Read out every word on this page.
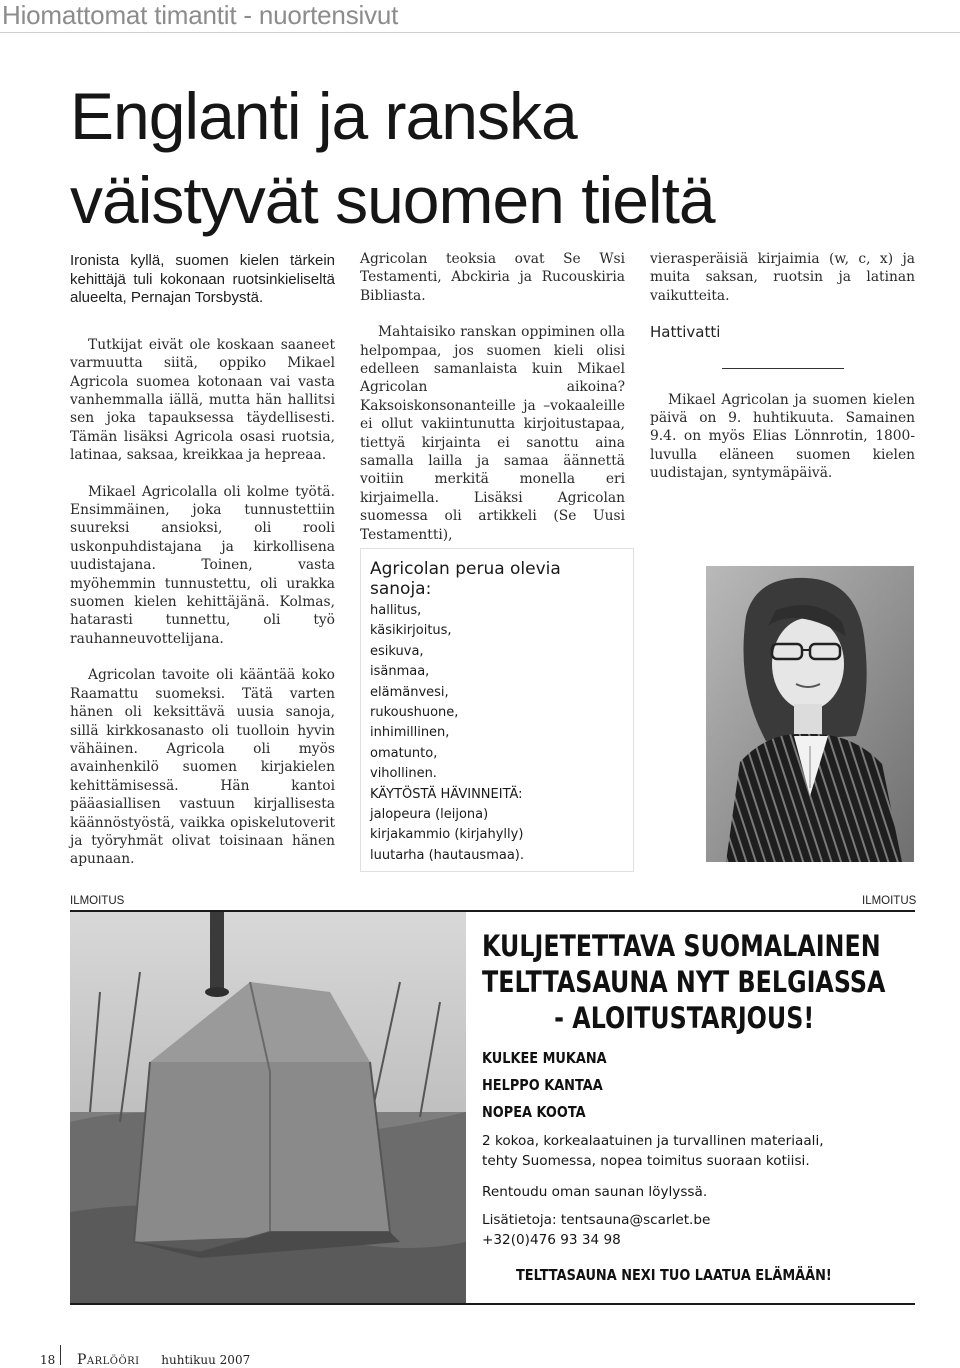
Hiomattomat timantit - nuortensivut
Englanti ja ranska
väistyvät suomen tieltä

Ironista kyllä, suomen kielen tärkein kehittäjä tuli kokonaan ruotsinkieliseltä alueelta, Pernajan Torsbystä.

Tutkijat eivät ole koskaan saaneet varmuutta siitä, oppiko Mikael Agricola suomea kotonaan vai vasta vanhemmalla iällä, mutta hän hallitsi sen joka tapauksessa täydellisesti. Tämän lisäksi Agricola osasi ruotsia, latinaa, saksaa, kreikkaa ja hepreaa.

Mikael Agricolalla oli kolme työtä. Ensimmäinen, joka tunnustettiin suureksi ansioksi, oli rooli uskonpuhdistajana ja kirkollisena uudistajana. Toinen, vasta myöhemmin tunnustettu, oli urakka suomen kielen kehittäjänä. Kolmas, hatarasti tunnettu, oli työ rauhanneuvottelijana.

Agricolan tavoite oli kääntää koko Raamattu suomeksi. Tätä varten hänen oli keksittävä uusia sanoja, sillä kirkkosanasto oli tuolloin hyvin vähäinen. Agricola oli myös avainhenkilö suomen kirjakielen kehittämisessä. Hän kantoi pääasiallisen vastuun kirjallisesta käännöstyöstä, vaikka opiskelutoverit ja työryhmät olivat toisinaan hänen apunaan.

Agricolan teoksia ovat Se Wsi Testamenti, Abckiria ja Rucouskiria Bibliasta.

Mahtaisiko ranskan oppiminen olla helpompaa, jos suomen kieli olisi edelleen samanlaista kuin Mikael Agricolan aikoina? Kaksoiskonsonanteille ja –vokaaleille ei ollut vakiintunutta kirjoitustapaa, tiettyä kirjainta ei sanottu aina samalla lailla ja samaa äännettä voitiin merkitä monella eri kirjaimella. Lisäksi Agricolan suomessa oli artikkeli (Se Uusi Testamentti),

vierasperäisiä kirjaimia (w, c, x) ja muita saksan, ruotsin ja latinan vaikutteita.

Hattivatti

Mikael Agricolan ja suomen kielen päivä on 9. huhtikuuta. Samainen 9.4. on myös Elias Lönnrotin, 1800-luvulla eläneen suomen kielen uudistajan, syntymäpäivä.

Agricolan perua olevia sanoja:
hallitus,
käsikirjoitus,
esikuva,
isänmaa,
elämänvesi,
rukoushuone,
inhimillinen,
omatunto,
vihollinen.
KÄYTÖSTÄ HÄVINNEITÄ:
jalopeura (leijona)
kirjakammio (kirjahylly)
luutarha (hautausmaa).
ILMOITUS	ILMOITUS
KULJETETTAVA SUOMALAINEN
TELTTASAUNA NYT BELGIASSA
- ALOITUSTARJOUS!
KULKEE MUKANA
HELPPO KANTAA
NOPEA KOOTA
2 kokoa, korkealaatuinen ja turvallinen materiaali,
tehty Suomessa, nopea toimitus suoraan kotiisi.
Rentoudu oman saunan löylyssä.
Lisätietoja: tentsauna@scarlet.be
+32(0)476 93 34 98
TELTTASAUNA NEXI TUO LAATUA ELÄMÄÄN!
18 Parlööri huhtikuu 2007
